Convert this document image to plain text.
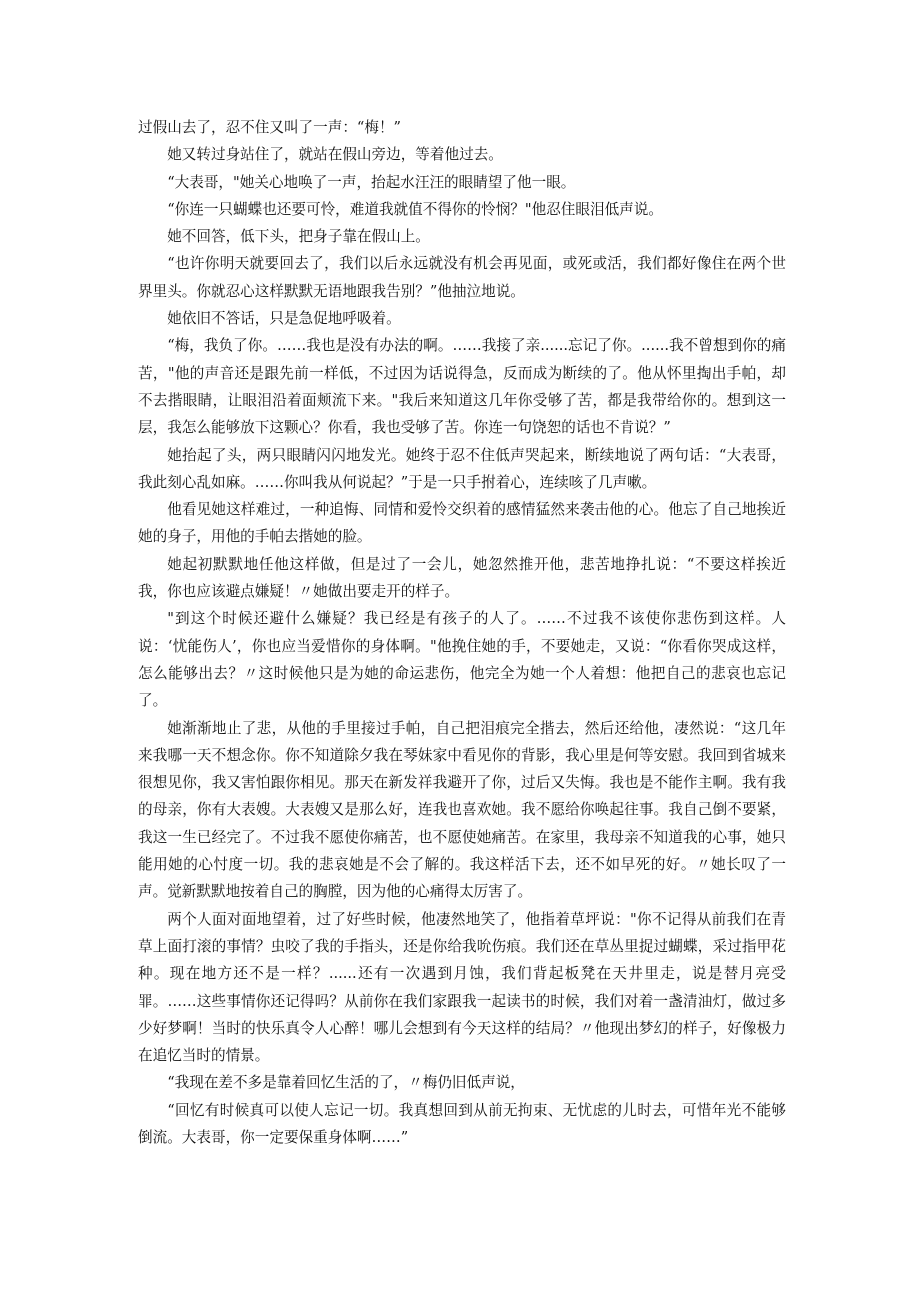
过假山去了，忍不住又叫了一声：“梅！”

她又转过身站住了，就站在假山旁边，等着他过去。

“大表哥，"她关心地唤了一声，抬起水汪汪的眼睛望了他一眼。

“你连一只蝴蝶也还要可怜，难道我就值不得你的怜悯？"他忍住眼泪低声说。

她不回答，低下头，把身子靠在假山上。

“也许你明天就要回去了，我们以后永远就没有机会再见面，或死或活，我们都好像住在两个世界里头。你就忍心这样默默无语地跟我告别？”他抽泣地说。

她依旧不答话，只是急促地呼吸着。

“梅，我负了你。……我也是没有办法的啊。……我接了亲......忘记了你。......我不曾想到你的痛苦，"他的声音还是跟先前一样低，不过因为话说得急，反而成为断续的了。他从怀里掏出手帕，却不去揩眼睛，让眼泪沿着面颊流下来。"我后来知道这几年你受够了苦，都是我带给你的。想到这一层，我怎么能够放下这颗心？你看，我也受够了苦。你连一句饶恕的话也不肯说？”

她抬起了头，两只眼睛闪闪地发光。她终于忍不住低声哭起来，断续地说了两句话：“大表哥，我此刻心乱如麻。……你叫我从何说起？”于是一只手拊着心，连续咳了几声嗽。

他看见她这样难过，一种追悔、同情和爱怜交织着的感情猛然来袭击他的心。他忘了自己地挨近她的身子，用他的手帕去揩她的脸。

她起初默默地任他这样做，但是过了一会儿，她忽然推开他，悲苦地挣扎说：“不要这样挨近我，你也应该避点嫌疑！〃她做出要走开的样子。

"到这个时候还避什么嫌疑？我已经是有孩子的人了。……不过我不该使你悲伤到这样。人说：‘忧能伤人’，你也应当爱惜你的身体啊。"他挽住她的手，不要她走，又说：“你看你哭成这样，怎么能够出去？〃这时候他只是为她的命运悲伤，他完全为她一个人着想：他把自己的悲哀也忘记了。

她渐渐地止了悲，从他的手里接过手帕，自己把泪痕完全揩去，然后还给他，凄然说：“这几年来我哪一天不想念你。你不知道除夕我在琴妹家中看见你的背影，我心里是何等安慰。我回到省城来很想见你，我又害怕跟你相见。那天在新发祥我避开了你，过后又失悔。我也是不能作主啊。我有我的母亲，你有大表嫂。大表嫂又是那么好，连我也喜欢她。我不愿给你唤起往事。我自己倒不要紧，我这一生已经完了。不过我不愿使你痛苦，也不愿使她痛苦。在家里，我母亲不知道我的心事，她只能用她的心忖度一切。我的悲哀她是不会了解的。我这样活下去，还不如早死的好。〃她长叹了一声。觉新默默地按着自己的胸膛，因为他的心痛得太厉害了。

两个人面对面地望着，过了好些时候，他凄然地笑了，他指着草坪说："你不记得从前我们在青草上面打滚的事情？虫咬了我的手指头，还是你给我吮伤痕。我们还在草丛里捉过蝴蝶，采过指甲花种。现在地方还不是一样？......还有一次遇到月蚀，我们背起板凳在天井里走，说是替月亮受罪。……这些事情你还记得吗？从前你在我们家跟我一起读书的时候，我们对着一盏清油灯，做过多少好梦啊！当时的快乐真令人心醉！哪儿会想到有今天这样的结局？〃他现出梦幻的样子，好像极力在追忆当时的情景。

“我现在差不多是靠着回忆生活的了，〃梅仍旧低声说，

“回忆有时候真可以使人忘记一切。我真想回到从前无拘束、无忧虑的儿时去，可惜年光不能够倒流。大表哥，你一定要保重身体啊……”
